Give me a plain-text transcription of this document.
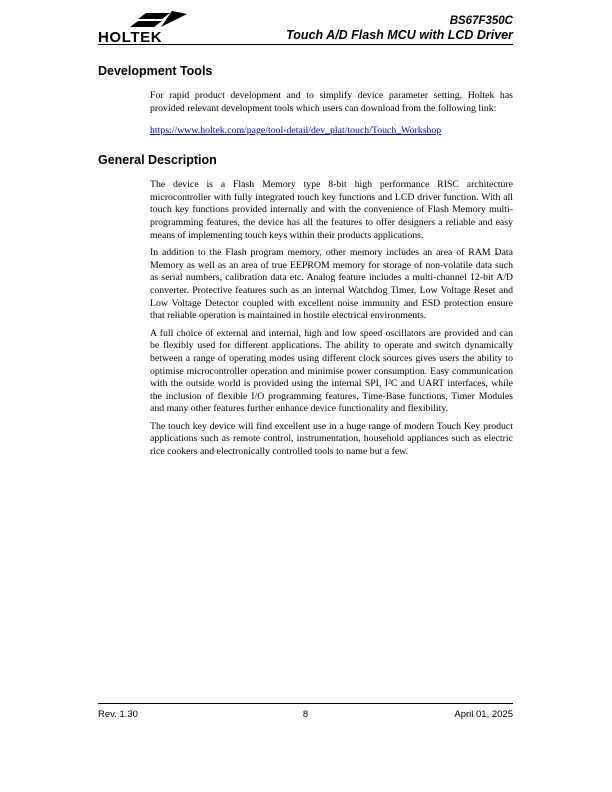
HOLTEK
BS67F350C
Touch A/D Flash MCU with LCD Driver
Development Tools

For rapid product development and to simplify device parameter setting, Holtek has provided relevant development tools which users can download from the following link:

https://www.holtek.com/page/tool-detail/dev_plat/touch/Touch_Workshop
General Description

The device is a Flash Memory type 8-bit high performance RISC architecture microcontroller with fully integrated touch key functions and LCD driver function. With all touch key functions provided internally and with the convenience of Flash Memory multi-programming features, the device has all the features to offer designers a reliable and easy means of implementing touch keys within their products applications.

In addition to the Flash program memory, other memory includes an area of RAM Data Memory as well as an area of true EEPROM memory for storage of non-volatile data such as serial numbers, calibration data etc. Analog feature includes a multi-channel 12-bit A/D converter. Protective features such as an internal Watchdog Timer, Low Voltage Reset and Low Voltage Detector coupled with excellent noise immunity and ESD protection ensure that reliable operation is maintained in hostile electrical environments.

A full choice of external and internal, high and low speed oscillators are provided and can be flexibly used for different applications. The ability to operate and switch dynamically between a range of operating modes using different clock sources gives users the ability to optimise microcontroller operation and minimise power consumption. Easy communication with the outside world is provided using the internal SPI, I²C and UART interfaces, while the inclusion of flexible I/O programming features, Time-Base functions, Timer Modules and many other features further enhance device functionality and flexibility.

The touch key device will find excellent use in a huge range of modern Touch Key product applications such as remote control, instrumentation, household appliances such as electric rice cookers and electronically controlled tools to name but a few.

Rev. 1.30	8	April 01, 2025
